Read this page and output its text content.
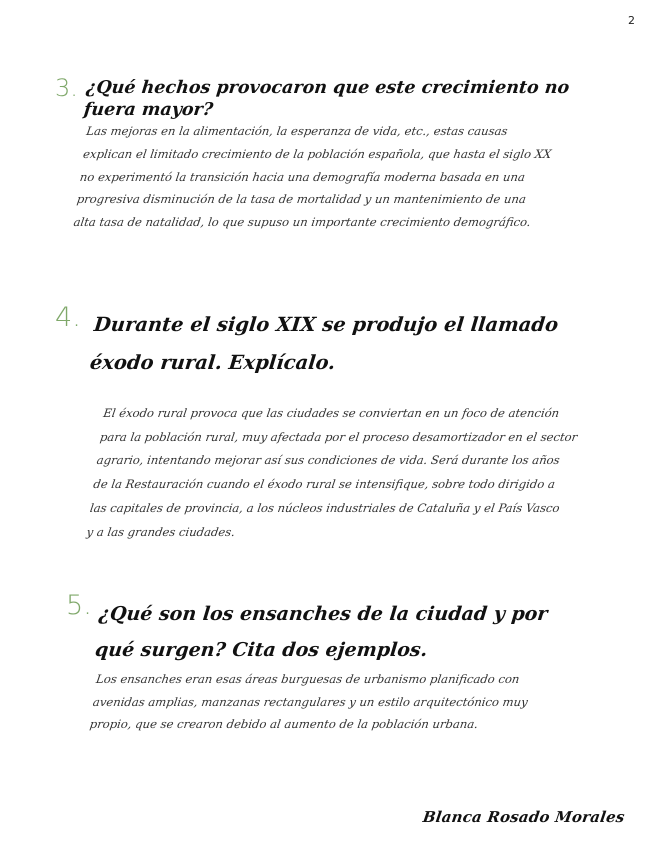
2
3 . ¿Qué hechos provocaron que este crecimiento no fuera mayor?

Las mejoras en la alimentación, la esperanza de vida, etc., estas causas explican el limitado crecimiento de la población española, que hasta el siglo XX no experimentó la transición hacia una demografía moderna basada en una progresiva disminución de la tasa de mortalidad y un mantenimiento de una alta tasa de natalidad, lo que supuso un importante crecimiento demográfico.

4 .	Durante el siglo XIX se produjo el llamado éxodo rural. Explícalo.

El éxodo rural provoca que las ciudades se conviertan en un foco de atención para la población rural, muy afectada por el proceso desamortizador en el sector agrario, intentando mejorar así sus condiciones de vida. Será durante los años de la Restauración cuando el éxodo rural se intensifique, sobre todo dirigido a las capitales de provincia, a los núcleos industriales de Cataluña y el País Vasco y a las grandes ciudades.

5 . ¿Qué son los ensanches de la ciudad y por qué surgen? Cita dos ejemplos.

Los ensanches eran esas áreas burguesas de urbanismo planificado con avenidas amplias, manzanas rectangulares y un estilo arquitectónico muy propio, que se crearon debido al aumento de la población urbana.

Blanca Rosado Morales
